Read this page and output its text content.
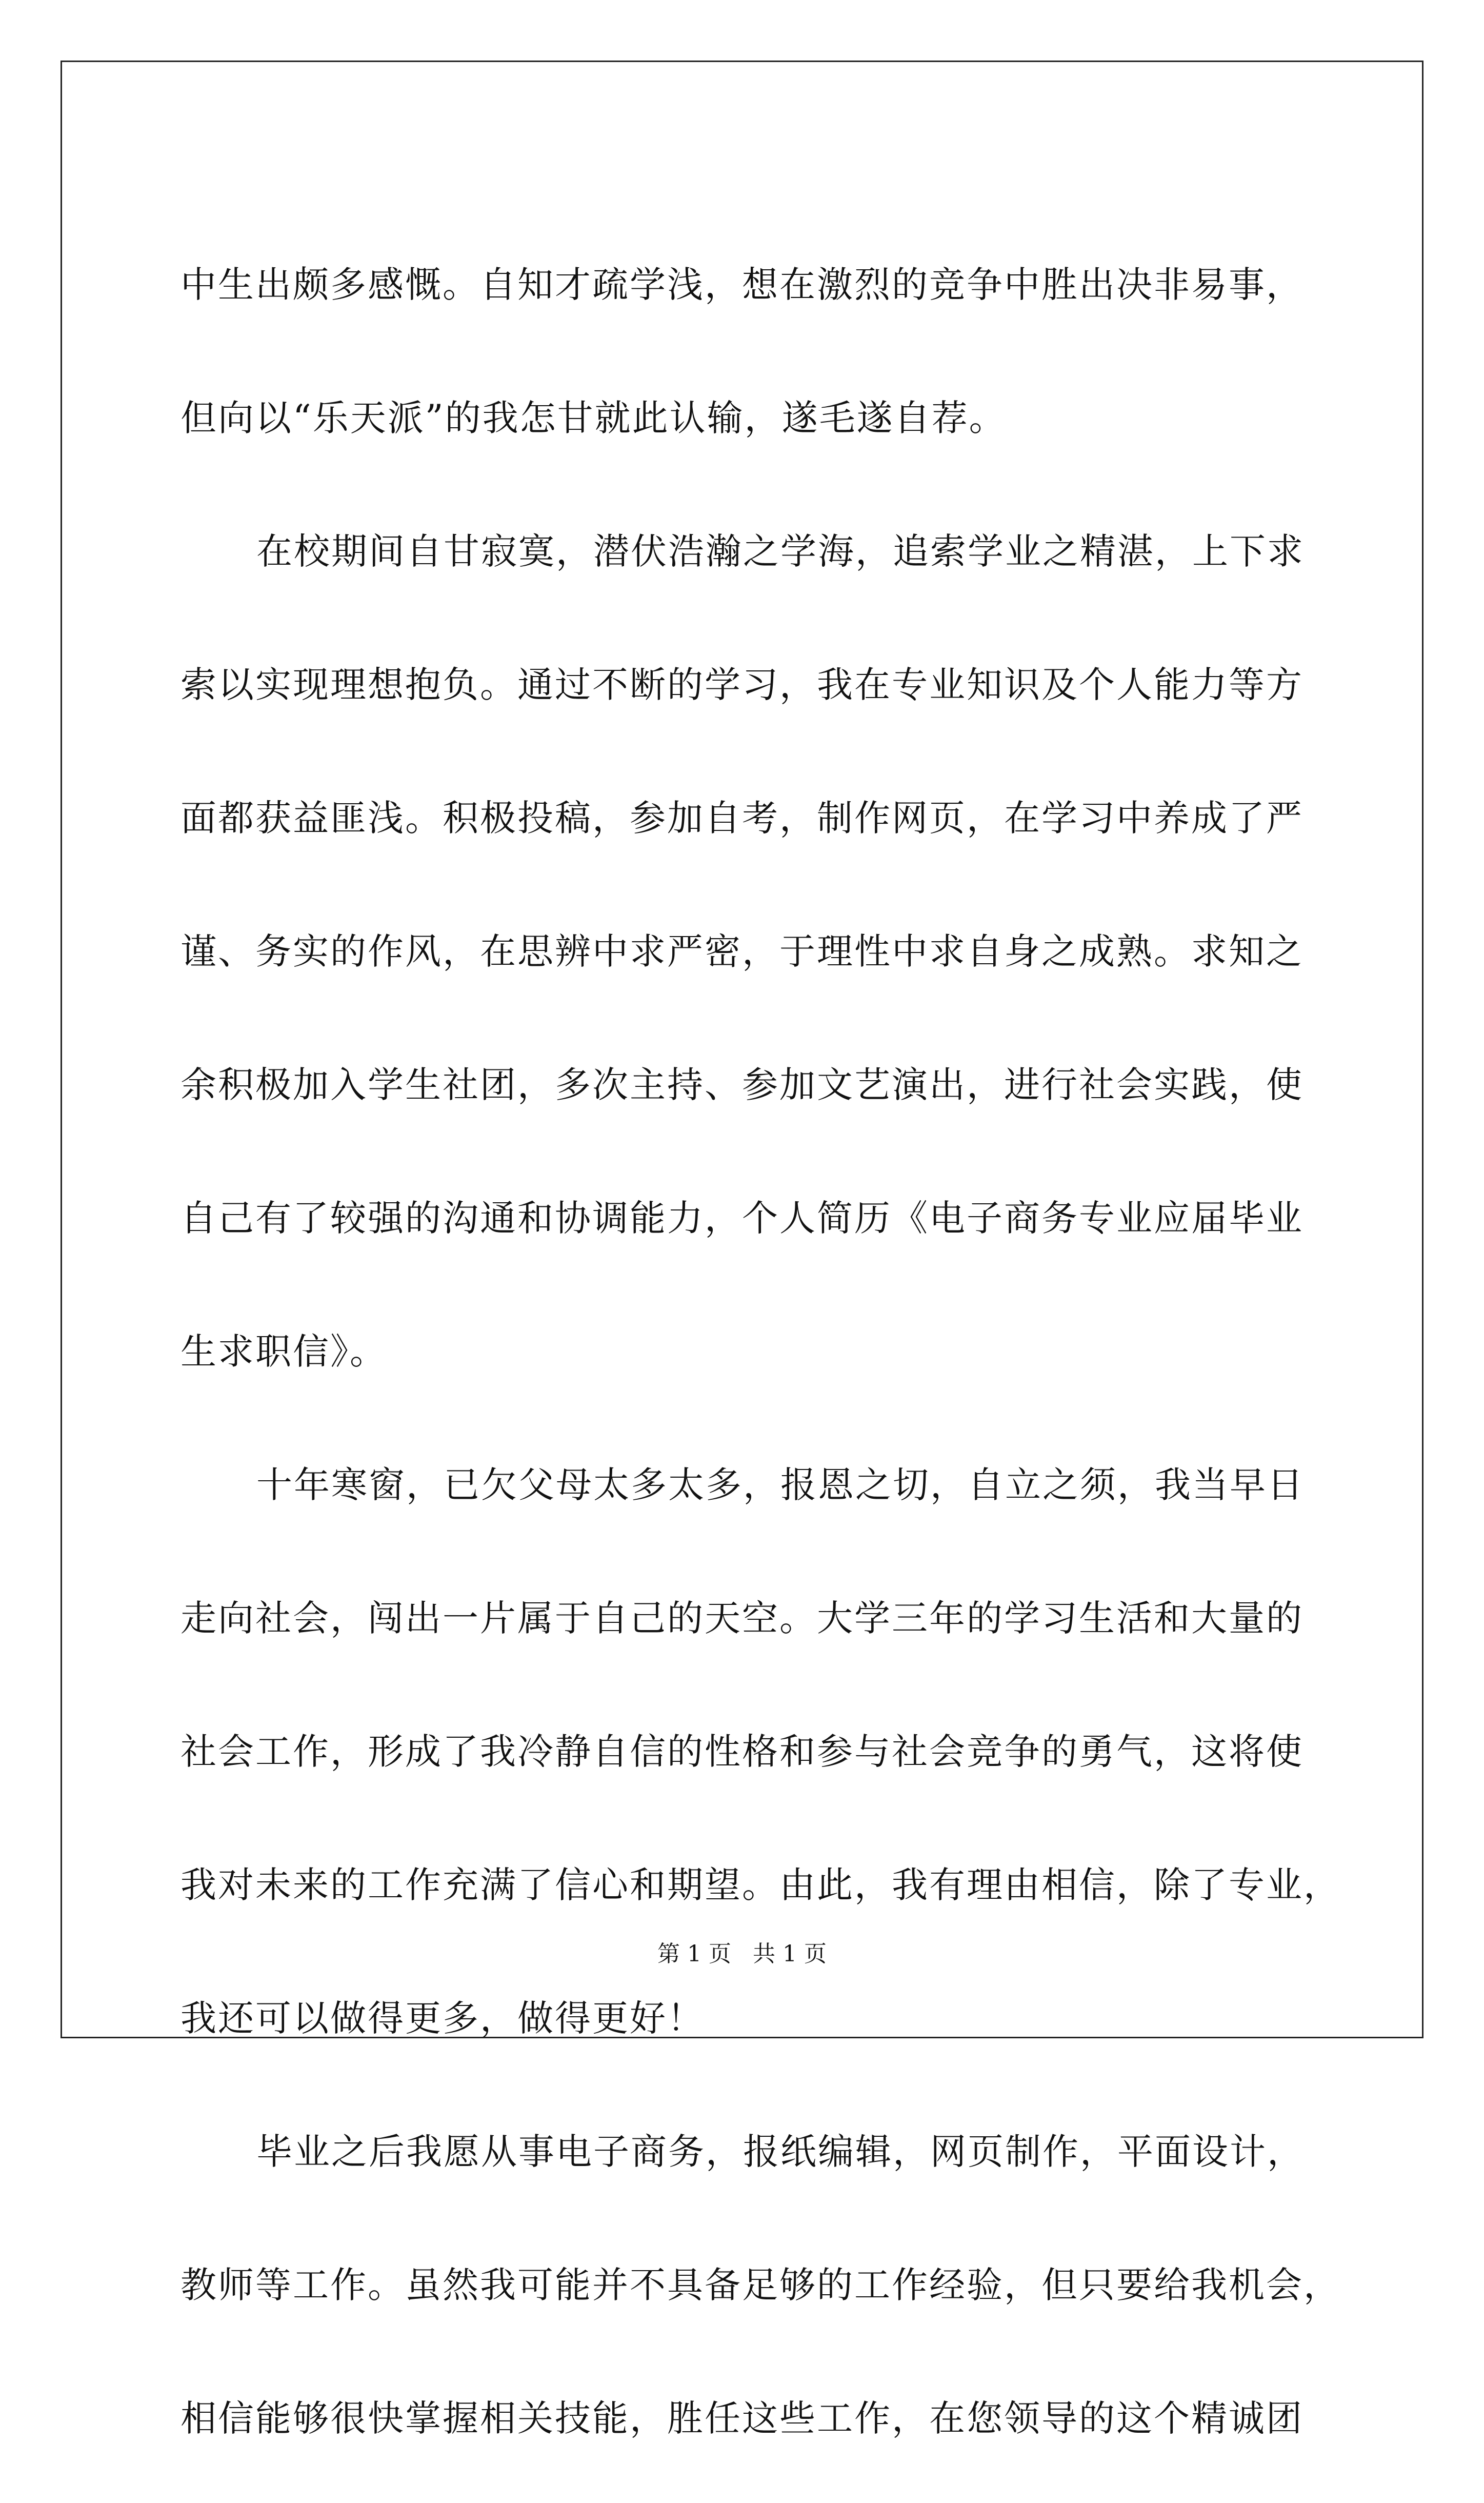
中生出颇多感慨。自知才疏学浅，想在激烈的竞争中胜出决非易事，

但向以“乐天派”的我怎甘就此认输，遂毛遂自荐。

在校期间自甘寂寞，潜伏浩瀚之学海，追索学业之精湛，上下求

索以实现理想抱负。通过不断的学习，我在专业知识及个人能力等方

面都获益匪浅。积极投稿，参加自考，制作网页，在学习中养成了严

谨、务实的作风，在思辨中求严密，于理性中求自身之成熟。求知之

余积极加入学生社团，多次主持、参加文艺演出，进行社会实践，使

自己有了较强的沟通和协调能力，个人简历《电子商务专业应届毕业

生求职信》。

十年寒窗，已欠父母太多太多，报恩之切，自立之须，我当早日

走向社会，闯出一片属于自己的天空。大学三年的学习生活和大量的

社会工作，形成了我冷静自信的性格和参与社会竞争的勇气，这将使

我对未来的工作充满了信心和期望。由此，我有理由相信，除了专业，

我还可以做得更多，做得更好！

毕业之后我愿从事电子商务，报纸编辑，网页制作，平面设计，

教师等工作。虽然我可能并不具备足够的工作经验，但只要给我机会，

相信能够很快掌握相关技能，胜任这些工作，在您领导的这个精诚团

第 1 页   共 1 页
